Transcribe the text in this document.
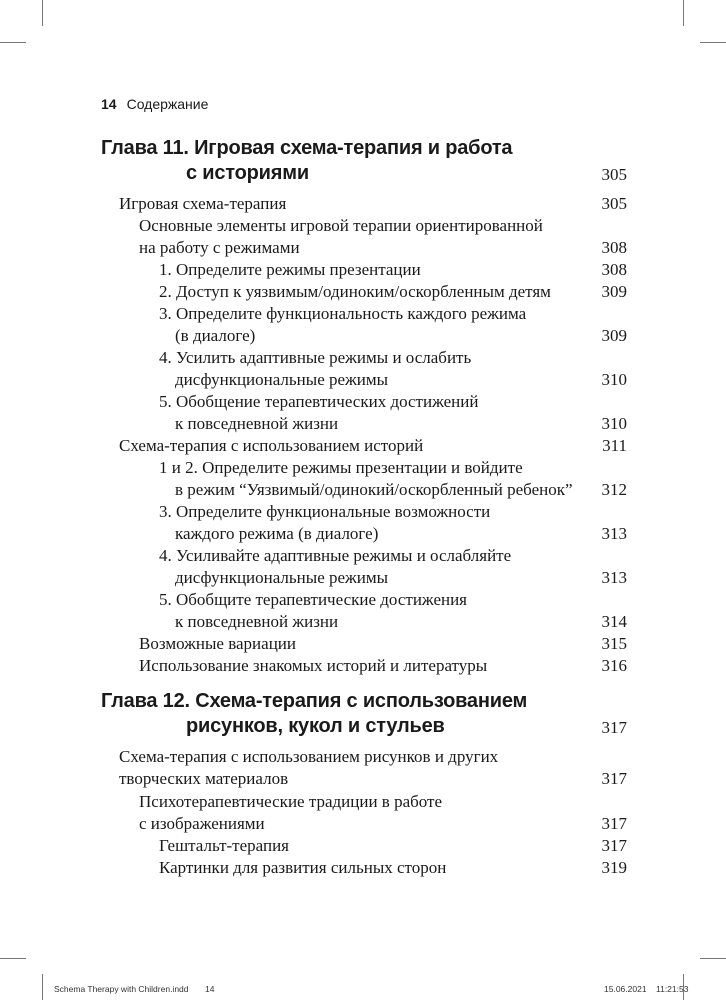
14 Содержание
Глава 11. Игровая схема-терапия и работа
с историями	305
Игровая схема-терапия	305
Основные элементы игровой терапии ориентированной
на работу с режимами	308
1. Определите режимы презентации	308
2. Доступ к уязвимым/одиноким/оскорбленным детям	309
3. Определите функциональность каждого режима
(в диалоге)	309
4. Усилить адаптивные режимы и ослабить
дисфункциональные режимы	310
5. Обобщение терапевтических достижений
к повседневной жизни	310
Схема-терапия с использованием историй	311
1 и 2. Определите режимы презентации и войдите
в режим “Уязвимый/одинокий/оскорбленный ребенок”	312
3. Определите функциональные возможности
каждого режима (в диалоге)	313
4. Усиливайте адаптивные режимы и ослабляйте
дисфункциональные режимы	313
5. Обобщите терапевтические достижения
к повседневной жизни	314
Возможные вариации	315
Использование знакомых историй и литературы	316
Глава 12. Схема-терапия с использованием
рисунков, кукол и стульев	317
Схема-терапия с использованием рисунков и других
творческих материалов	317
Психотерапевтические традиции в работе
с изображениями	317
Гештальт-терапия	317
Картинки для развития сильных сторон	319
Schema Therapy with Children.indd 14	15.06.2021 11:21:53
